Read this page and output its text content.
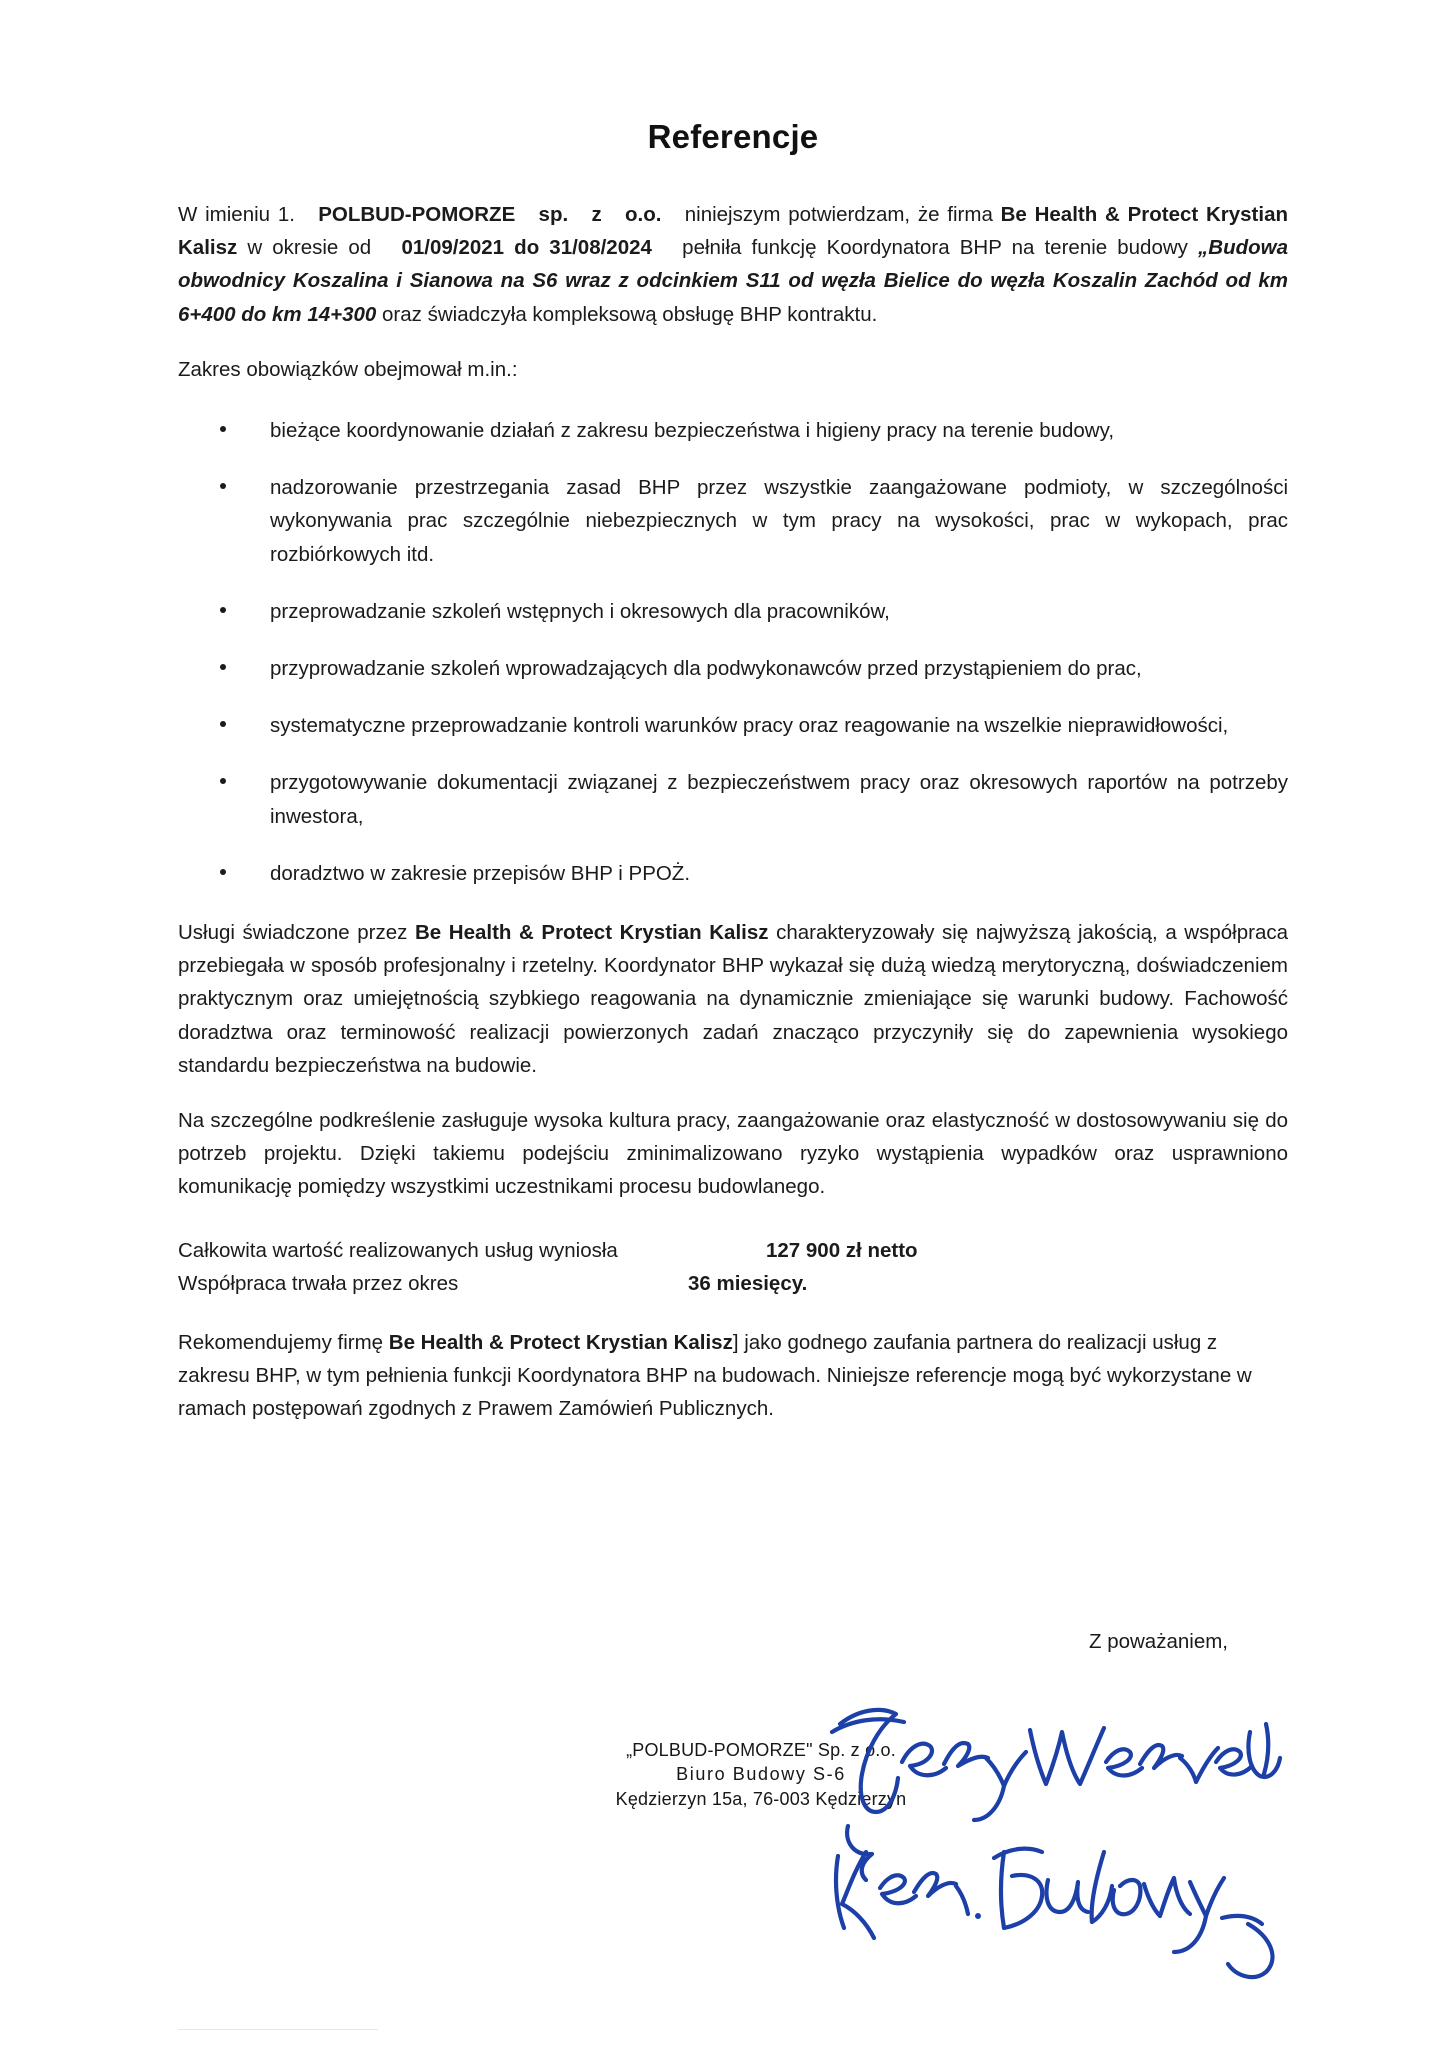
Referencje

W imieniu 1. POLBUD-POMORZE sp. z o.o. niniejszym potwierdzam, że firma Be Health & Protect Krystian Kalisz w okresie od 01/09/2021 do 31/08/2024 pełniła funkcję Koordynatora BHP na terenie budowy „Budowa obwodnicy Koszalina i Sianowa na S6 wraz z odcinkiem S11 od węzła Bielice do węzła Koszalin Zachód od km 6+400 do km 14+300 oraz świadczyła kompleksową obsługę BHP kontraktu.

Zakres obowiązków obejmował m.in.:

bieżące koordynowanie działań z zakresu bezpieczeństwa i higieny pracy na terenie budowy,
nadzorowanie przestrzegania zasad BHP przez wszystkie zaangażowane podmioty, w szczególności wykonywania prac szczególnie niebezpiecznych w tym pracy na wysokości, prac w wykopach, prac rozbiórkowych itd.
przeprowadzanie szkoleń wstępnych i okresowych dla pracowników,
przyprowadzanie szkoleń wprowadzających dla podwykonawców przed przystąpieniem do prac,
systematyczne przeprowadzanie kontroli warunków pracy oraz reagowanie na wszelkie nieprawidłowości,
przygotowywanie dokumentacji związanej z bezpieczeństwem pracy oraz okresowych raportów na potrzeby inwestora,
doradztwo w zakresie przepisów BHP i PPOŻ.

Usługi świadczone przez Be Health & Protect Krystian Kalisz charakteryzowały się najwyższą jakością, a współpraca przebiegała w sposób profesjonalny i rzetelny. Koordynator BHP wykazał się dużą wiedzą merytoryczną, doświadczeniem praktycznym oraz umiejętnością szybkiego reagowania na dynamicznie zmieniające się warunki budowy. Fachowość doradztwa oraz terminowość realizacji powierzonych zadań znacząco przyczyniły się do zapewnienia wysokiego standardu bezpieczeństwa na budowie.

Na szczególne podkreślenie zasługuje wysoka kultura pracy, zaangażowanie oraz elastyczność w dostosowywaniu się do potrzeb projektu. Dzięki takiemu podejściu zminimalizowano ryzyko wystąpienia wypadków oraz usprawniono komunikację pomiędzy wszystkimi uczestnikami procesu budowlanego.

Całkowita wartość realizowanych usług wyniosła	127 900 zł netto
Współpraca trwała przez okres	36 miesięcy.

Rekomendujemy firmę Be Health & Protect Krystian Kalisz] jako godnego zaufania partnera do realizacji usług z zakresu BHP, w tym pełnienia funkcji Koordynatora BHP na budowach. Niniejsze referencje mogą być wykorzystane w ramach postępowań zgodnych z Prawem Zamówień Publicznych.

Z poważaniem,
„POLBUD-POMORZE" Sp. z o.o.
Biuro Budowy S-6
Kędzierzyn 15a, 76-003 Kędzierzyn
